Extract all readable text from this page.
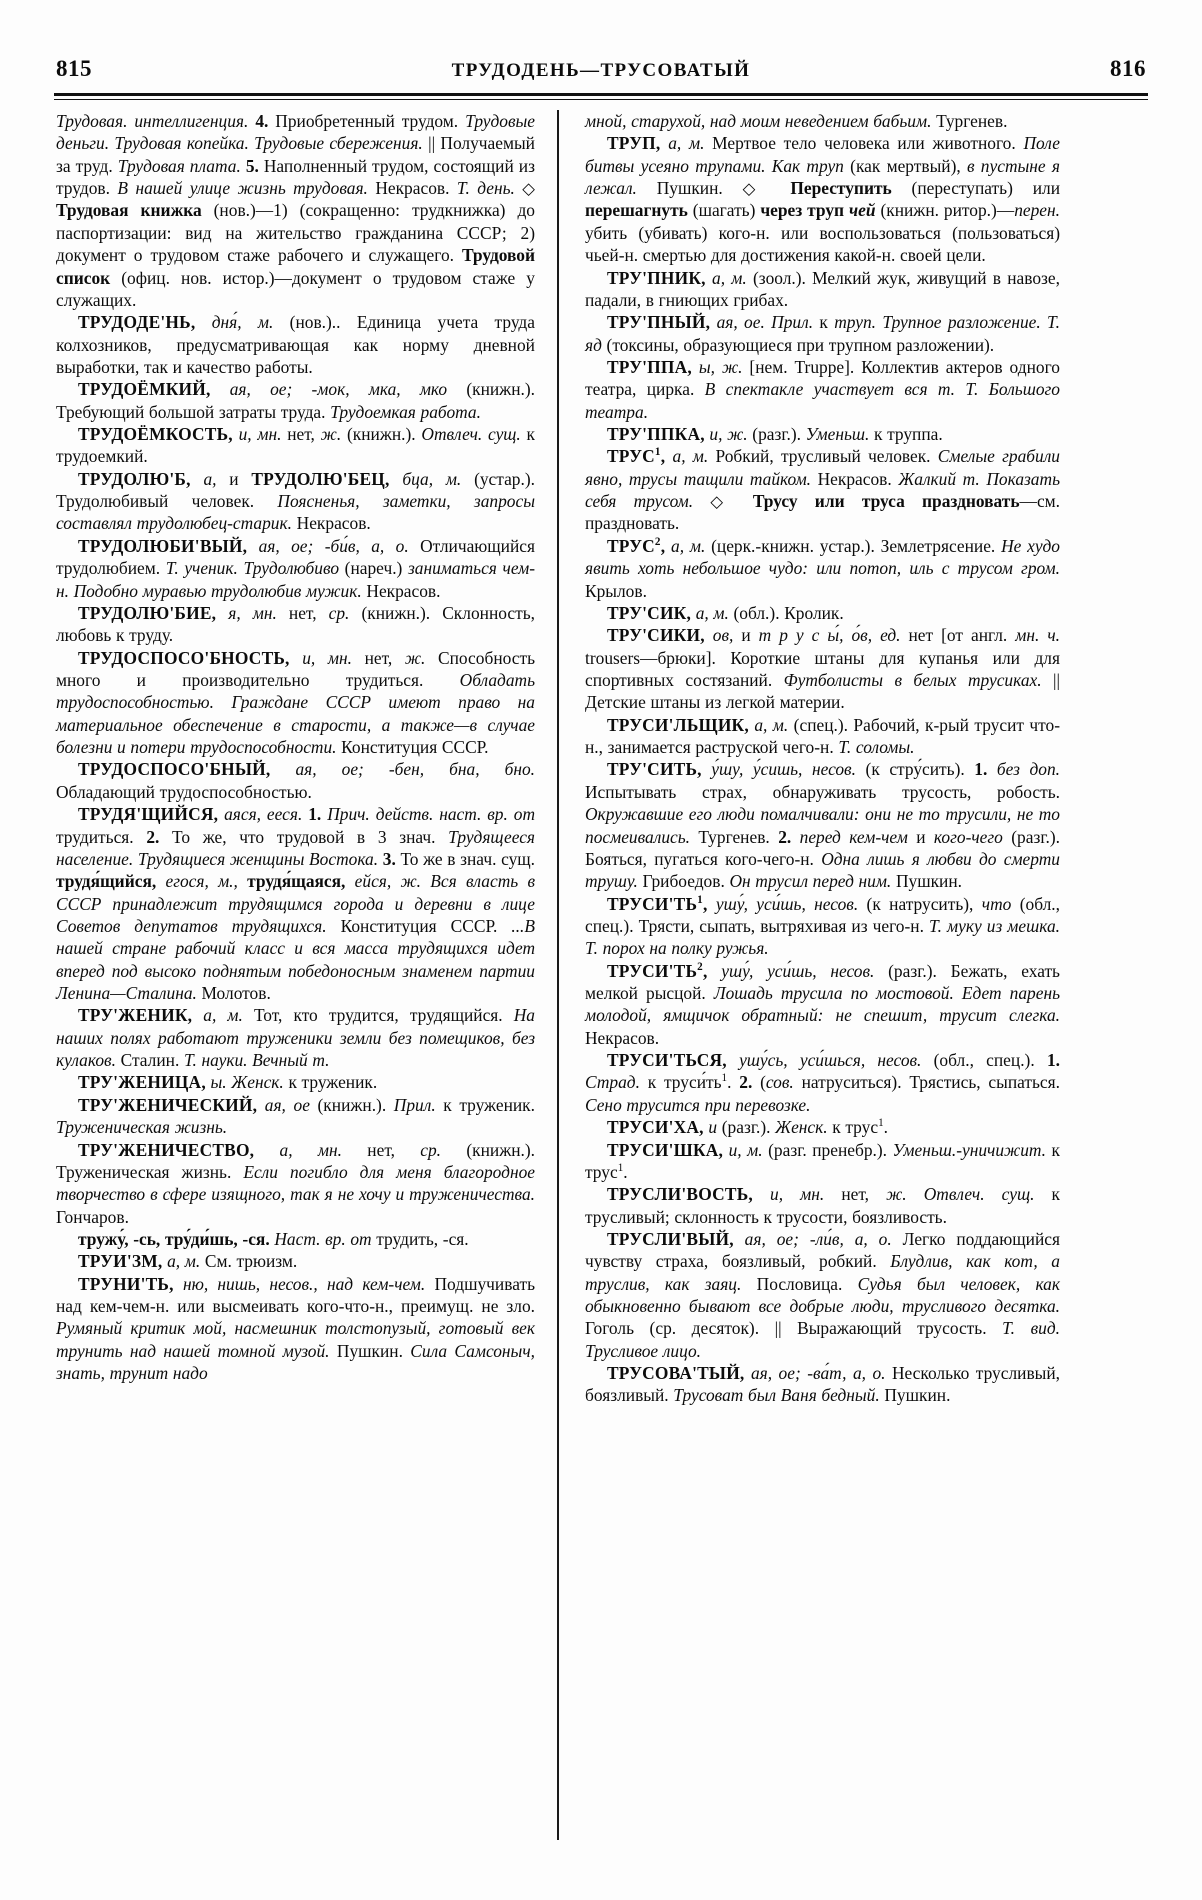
815	ТРУДОДЕНЬ—ТРУСОВАТЫЙ	816

Трудовая. интеллигенция. 4. Приобретенный трудом. Трудовые деньги. Трудовая копейка. Трудовые сбережения. || Получаемый за труд. Трудовая плата. 5. Наполненный трудом, состоящий из трудов. В нашей улице жизнь трудовая. Некрасов. Т. день. ◇ Трудовая книжка (нов.)—1) (сокращенно: трудкнижка) до паспортизации: вид на жительство гражданина СССР; 2) документ о трудовом стаже рабочего и служащего. Трудовой список (офиц. нов. истор.)—документ о трудовом стаже у служащих.

ТРУДОДЕ'НЬ, дня́, м. (нов.).. Единица учета труда колхозников, предусматривающая как норму дневной выработки, так и качество работы.

ТРУДОЁМКИЙ, ая, ое; -мок, мка, мко (книжн.). Требующий большой затраты труда. Трудоемкая работа.

ТРУДОЁМКОСТЬ, и, мн. нет, ж. (книжн.). Отвлеч. сущ. к трудоемкий.

ТРУДОЛЮ'Б, а, и ТРУДОЛЮ'БЕЦ, бца, м. (устар.). Трудолюбивый человек. Поясненья, заметки, запросы составлял трудолюбец-старик. Некрасов.

ТРУДОЛЮБИ'ВЫЙ, ая, ое; -би́в, а, о. Отличающийся трудолюбием. Т. ученик. Трудолюбиво (нареч.) заниматься чем-н. Подобно муравью трудолюбив мужик. Некрасов.

ТРУДОЛЮ'БИЕ, я, мн. нет, ср. (книжн.). Склонность, любовь к труду.

ТРУДОСПОСО'БНОСТЬ, и, мн. нет, ж. Способность много и производительно трудиться. Обладать трудоспособностью. Граждане СССР имеют право на материальное обеспечение в старости, а также—в случае болезни и потери трудоспособности. Конституция СССР.

ТРУДОСПОСО'БНЫЙ, ая, ое; -бен, бна, бно. Обладающий трудоспособностью.

ТРУДЯ'ЩИЙСЯ, аяся, ееся. 1. Прич. действ. наст. вр. от трудиться. 2. То же, что трудовой в 3 знач. Трудящееся население. Трудящиеся женщины Востока. 3. То же в знач. сущ. трудя́щийся, егося, м., трудя́щаяся, ейся, ж. Вся власть в СССР принадлежит трудящимся города и деревни в лице Советов депутатов трудящихся. Конституция СССР. ...В нашей стране рабочий класс и вся масса трудящихся идет вперед под высоко поднятым победоносным знаменем партии Ленина—Сталина. Молотов.

ТРУ'ЖЕНИК, а, м. Тот, кто трудится, трудящийся. На наших полях работают труженики земли без помещиков, без кулаков. Сталин. Т. науки. Вечный т.

ТРУ'ЖЕНИЦА, ы. Женск. к труженик.

ТРУ'ЖЕНИЧЕСКИЙ, ая, ое (книжн.). Прил. к труженик. Труженическая жизнь.

ТРУ'ЖЕНИЧЕСТВО, а, мн. нет, ср. (книжн.). Труженическая жизнь. Если погибло для меня благородное творчество в сфере изящного, так я не хочу и труженичества. Гончаров.

тружу́, -сь, тру́ди́шь, -ся. Наст. вр. от трудить, -ся.

ТРУИ'ЗМ, а, м. См. трюизм.

ТРУНИ'ТЬ, ню, нишь, несов., над кем-чем. Подшучивать над кем-чем-н. или высмеивать кого-что-н., преимущ. не зло. Румяный критик мой, насмешник толстопузый, готовый век трунить над нашей томной музой. Пушкин. Сила Самсоныч, знать, трунит надо

мной, старухой, над моим неведением бабьим. Тургенев.

ТРУП, а, м. Мертвое тело человека или животного. Поле битвы усеяно трупами. Как труп (как мертвый), в пустыне я лежал. Пушкин. ◇ Переступить (переступать) или перешагнуть (шагать) через труп чей (книжн. ритор.)—перен. убить (убивать) кого-н. или воспользоваться (пользоваться) чьей-н. смертью для достижения какой-н. своей цели.

ТРУ'ПНИК, а, м. (зоол.). Мелкий жук, живущий в навозе, падали, в гниющих грибах.

ТРУ'ПНЫЙ, ая, ое. Прил. к труп. Трупное разложение. Т. яд (токсины, образующиеся при трупном разложении).

ТРУ'ППА, ы, ж. [нем. Truppe]. Коллектив актеров одного театра, цирка. В спектакле участвует вся т. Т. Большого театра.

ТРУ'ППКА, и, ж. (разг.). Уменьш. к труппа.

ТРУС$^1$, а, м. Робкий, трусливый человек. Смелые грабили явно, трусы тащили тайком. Некрасов. Жалкий т. Показать себя трусом. ◇ Трусу или труса праздновать—см. праздновать.

ТРУС$^2$, а, м. (церк.-книжн. устар.). Землетрясение. Не худо явить хоть небольшое чудо: или потоп, иль с трусом гром. Крылов.

ТРУ'СИК, а, м. (обл.). Кролик.

ТРУ'СИКИ, ов, и т р у с ы́, о́в, ед. нет [от англ. мн. ч. trousers—брюки]. Короткие штаны для купанья или для спортивных состязаний. Футболисты в белых трусиках. || Детские штаны из легкой материи.

ТРУСИ'ЛЬЩИК, а, м. (спец.). Рабочий, к-рый трусит что-н., занимается раструской чего-н. Т. соломы.

ТРУ'СИТЬ, у́шу, у́сишь, несов. (к стру́сить). 1. без доп. Испытывать страх, обнаруживать трусость, робость. Окружавшие его люди помалчивали: они не то трусили, не то посмеивались. Тургенев. 2. перед кем-чем и кого-чего (разг.). Бояться, пугаться кого-чего-н. Одна лишь я любви до смерти трушу. Грибоедов. Он трусил перед ним. Пушкин.

$ТРУСИ'ТЬ^1$, ушу́, уси́шь, несов. (к натрусить), что (обл., спец.). Трясти, сыпать, вытряхивая из чего-н. Т. муку из мешка. Т. порох на полку ружья.

$ТРУСИ'ТЬ^2$, ушу́, уси́шь, несов. (разг.). Бежать, ехать мелкой рысцой. Лошадь трусила по мостовой. Едет парень молодой, ямщичок обратный: не спешит, трусит слегка. Некрасов.

ТРУСИ'ТЬСЯ, ушу́сь, уси́шься, несов. (обл., спец.). 1. Страд. к $труси́ть^1$. 2. (сов. натруситься). Трястись, сыпаться. Сено трусится при перевозке.

ТРУСИ'ХА, и (разг.). Женск. к трус$^1$.

ТРУСИ'ШКА, и, м. (разг. пренебр.). Уменьш.-уничижит. к трус$^1$.

ТРУСЛИ'ВОСТЬ, и, мн. нет, ж. Отвлеч. сущ. к трусливый; склонность к трусости, боязливость.

ТРУСЛИ'ВЫЙ, ая, ое; -ли́в, а, о. Легко поддающийся чувству страха, боязливый, робкий. Блудлив, как кот, а труслив, как заяц. Пословица. Судья был человек, как обыкновенно бывают все добрые люди, трусливого десятка. Гоголь (ср. десяток). || Выражающий трусость. Т. вид. Трусливое лицо.

ТРУСОВА'ТЫЙ, ая, ое; -ва́т, а, о. Несколько трусливый, боязливый. Трусоват был Ваня бедный. Пушкин.
